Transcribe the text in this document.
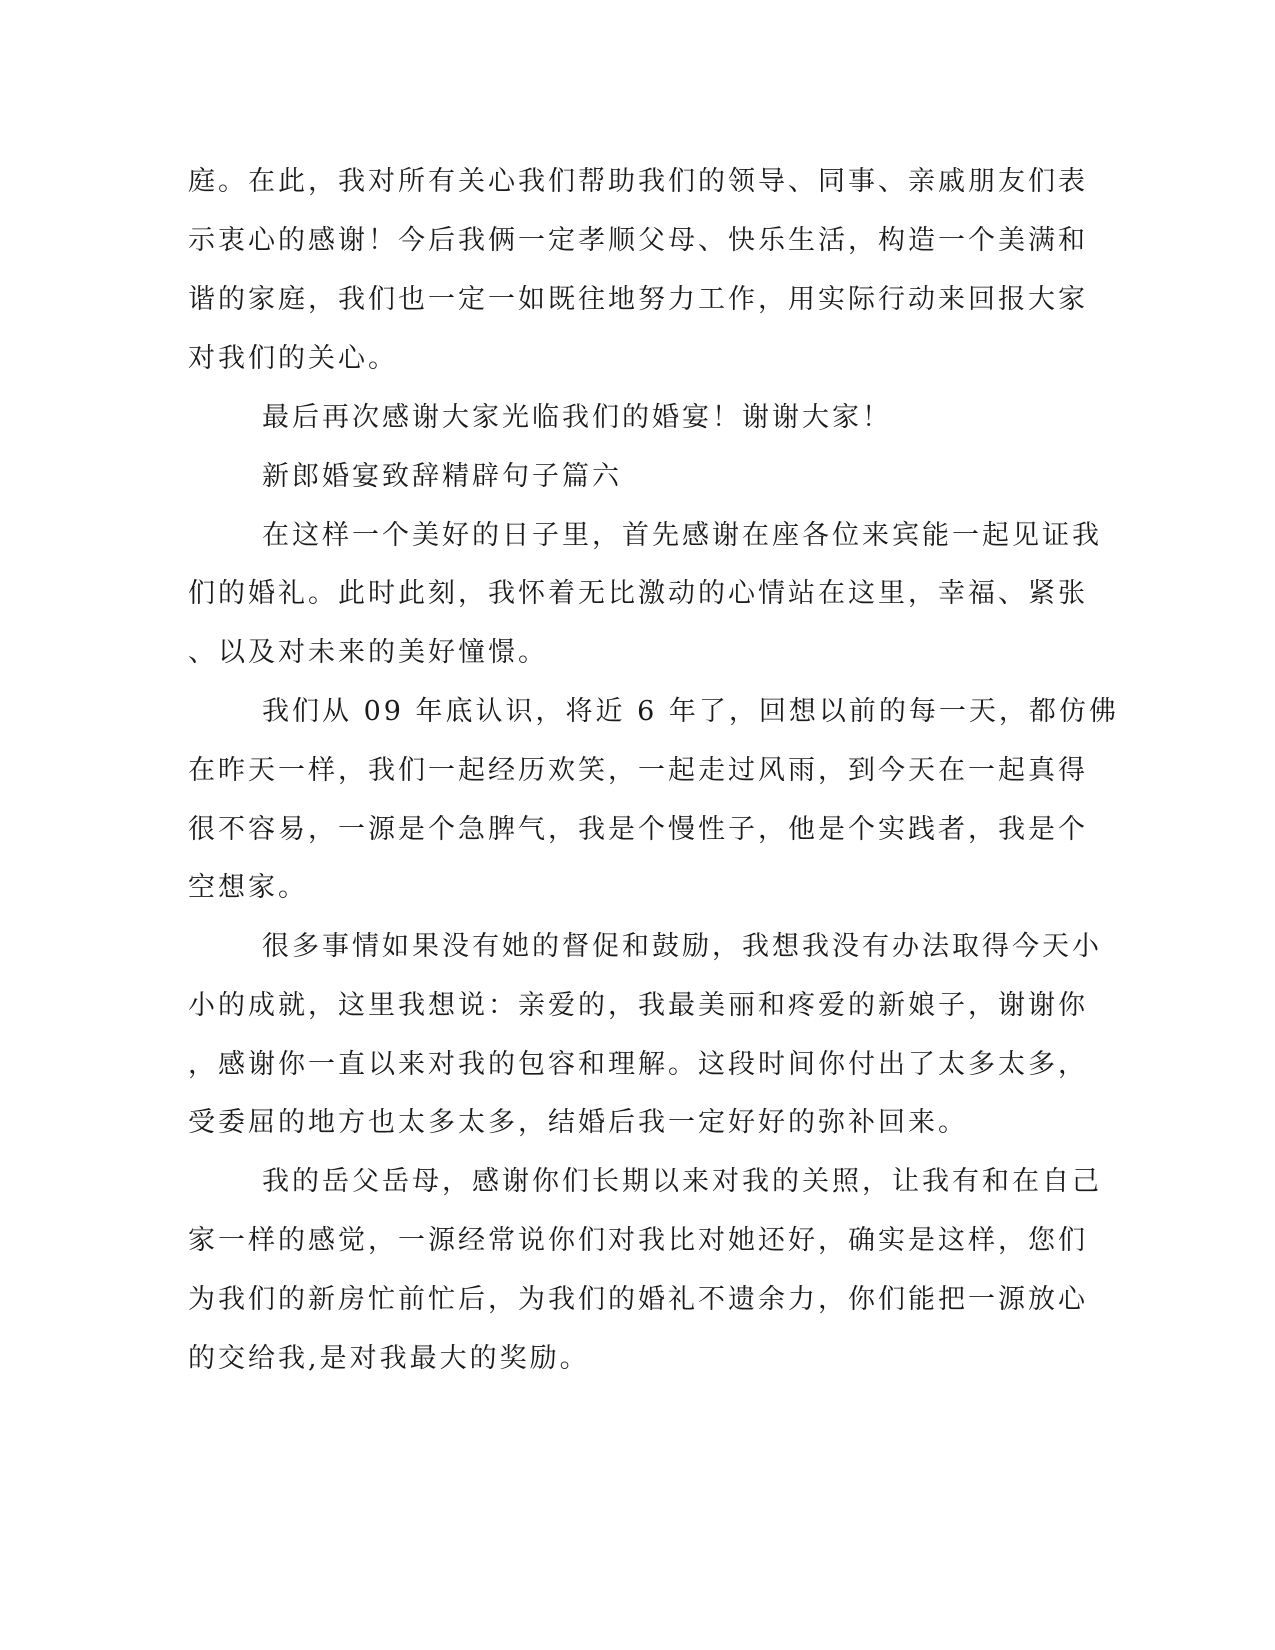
庭。在此，我对所有关心我们帮助我们的领导、同事、亲戚朋友们表
示衷心的感谢！今后我俩一定孝顺父母、快乐生活，构造一个美满和
谐的家庭，我们也一定一如既往地努力工作，用实际行动来回报大家
对我们的关心。
最后再次感谢大家光临我们的婚宴！谢谢大家！
新郎婚宴致辞精辟句子篇六
在这样一个美好的日子里，首先感谢在座各位来宾能一起见证我
们的婚礼。此时此刻，我怀着无比激动的心情站在这里，幸福、紧张
、以及对未来的美好憧憬。
我们从 09 年底认识，将近 6 年了，回想以前的每一天，都仿佛
在昨天一样，我们一起经历欢笑，一起走过风雨，到今天在一起真得
很不容易，一源是个急脾气，我是个慢性子，他是个实践者，我是个
空想家。
很多事情如果没有她的督促和鼓励，我想我没有办法取得今天小
小的成就，这里我想说：亲爱的，我最美丽和疼爱的新娘子，谢谢你
，感谢你一直以来对我的包容和理解。这段时间你付出了太多太多，
受委屈的地方也太多太多，结婚后我一定好好的弥补回来。
我的岳父岳母，感谢你们长期以来对我的关照，让我有和在自己
家一样的感觉，一源经常说你们对我比对她还好，确实是这样，您们
为我们的新房忙前忙后，为我们的婚礼不遗余力，你们能把一源放心
的交给我,是对我最大的奖励。
